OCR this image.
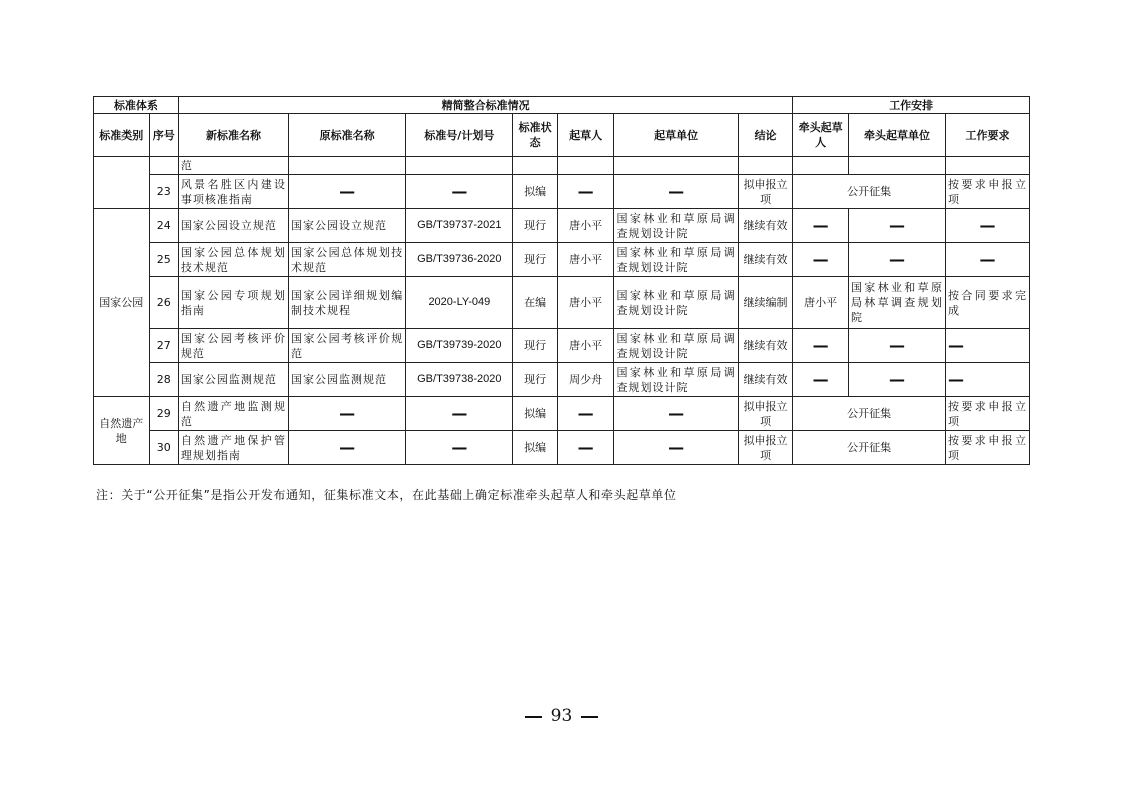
标准体系		精简整合标准情况							工作安排		
标准类别	序号	新标准名称	原标准名称	标准号/计划号	标准状态	起草人	起草单位	结论	牵头起草人	牵头起草单位	工作要求
		范									
	23	风景名胜区内建设事项核准指南	—	—	拟编	—	—	拟申报立项	公开征集		按要求申报立项
国家公园	24	国家公园设立规范	国家公园设立规范	GB/T39737-2021	现行	唐小平	国家林业和草原局调查规划设计院	继续有效	—	—	—
	25	国家公园总体规划技术规范	国家公园总体规划技术规范	GB/T39736-2020	现行	唐小平	国家林业和草原局调查规划设计院	继续有效	—	—	—
	26	国家公园专项规划指南	国家公园详细规划编制技术规程	2020-LY-049	在编	唐小平	国家林业和草原局调查规划设计院	继续编制	唐小平	国家林业和草原局林草调查规划院	按合同要求完成
	27	国家公园考核评价规范	国家公园考核评价规范	GB/T39739-2020	现行	唐小平	国家林业和草原局调查规划设计院	继续有效	—	—	—
	28	国家公园监测规范	国家公园监测规范	GB/T39738-2020	现行	周少舟	国家林业和草原局调查规划设计院	继续有效	—	—	—
自然遗产地	29	自然遗产地监测规范	—	—	拟编	—	—	拟申报立项	公开征集		按要求申报立项
	30	自然遗产地保护管理规划指南	—	—	拟编	—	—	拟申报立项	公开征集		按要求申报立项
注：关于“公开征集”是指公开发布通知，征集标准文本，在此基础上确定标准牵头起草人和牵头起草单位
93
